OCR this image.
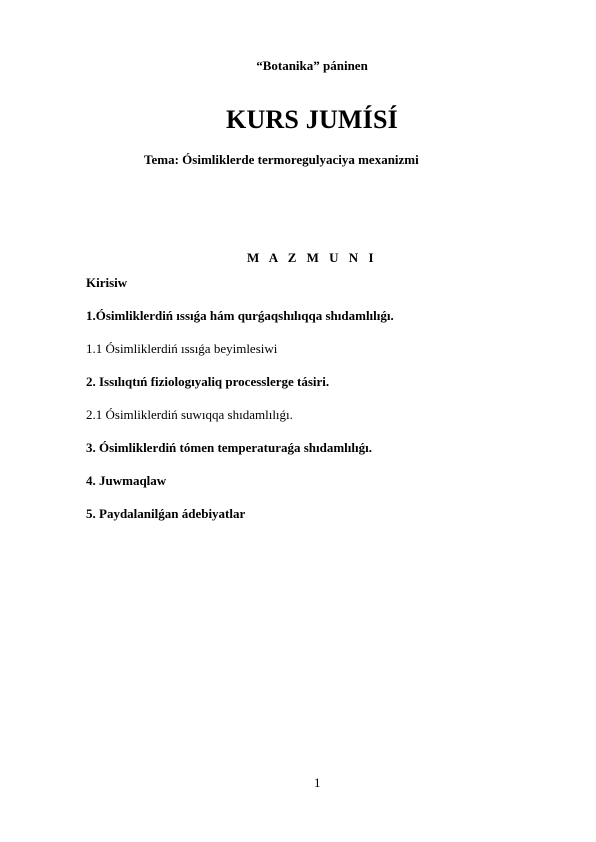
“Botanika” páninen
KURS JUMÍSÍ
Tema: Ósimliklerde termoregulyaciya mexanizmi
M A Z M U N I
Kirisiw
1.Ósimliklerdiń ıssıǵa hám qurǵaqshılıqqa shıdamlılıǵı.
1.1 Ósimliklerdiń ıssıǵa beyimlesiwi
2. Issılıqtıń fiziologıyaliq processlerge tásiri.
2.1 Ósimliklerdiń suwıqqa shıdamlılıǵı.
3. Ósimliklerdiń tómen temperaturaǵa shıdamlılıǵı.
4. Juwmaqlaw
5. Paydalanilǵan ádebiyatlar
1
